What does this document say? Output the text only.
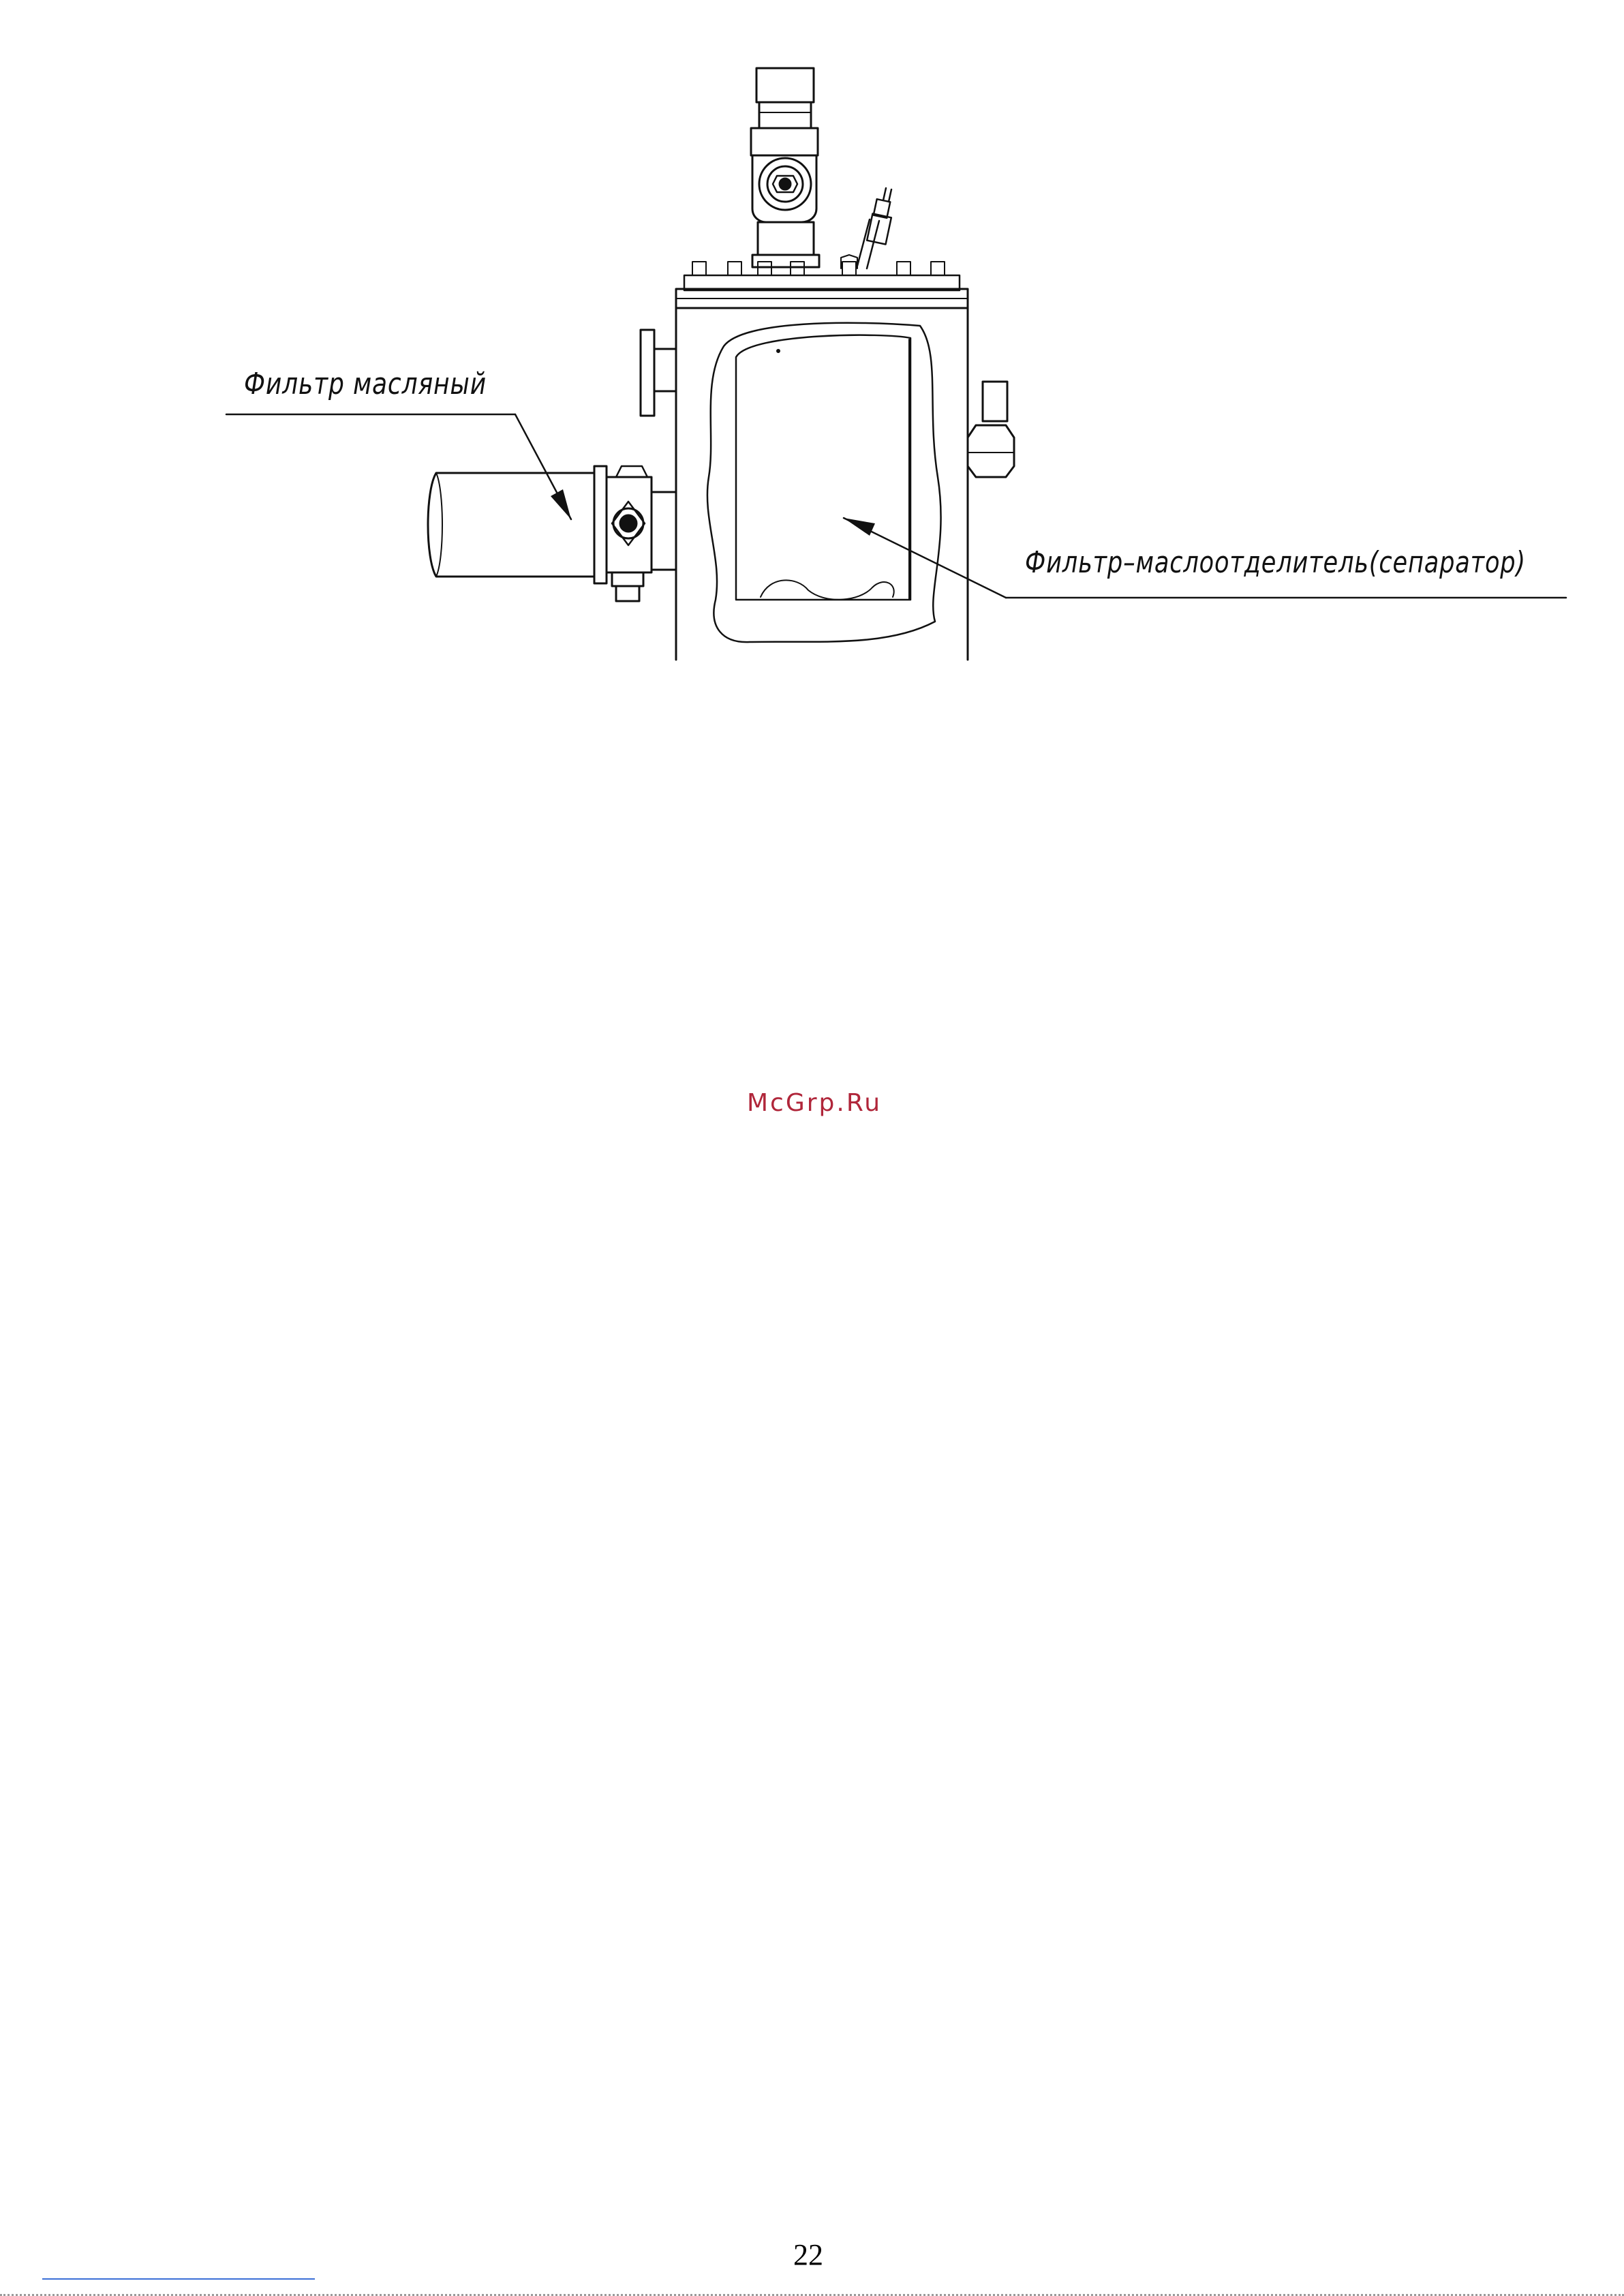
Фильтр масляный
Фильтр–маслоотделитель(сепаратор)
McGrp.Ru
22
